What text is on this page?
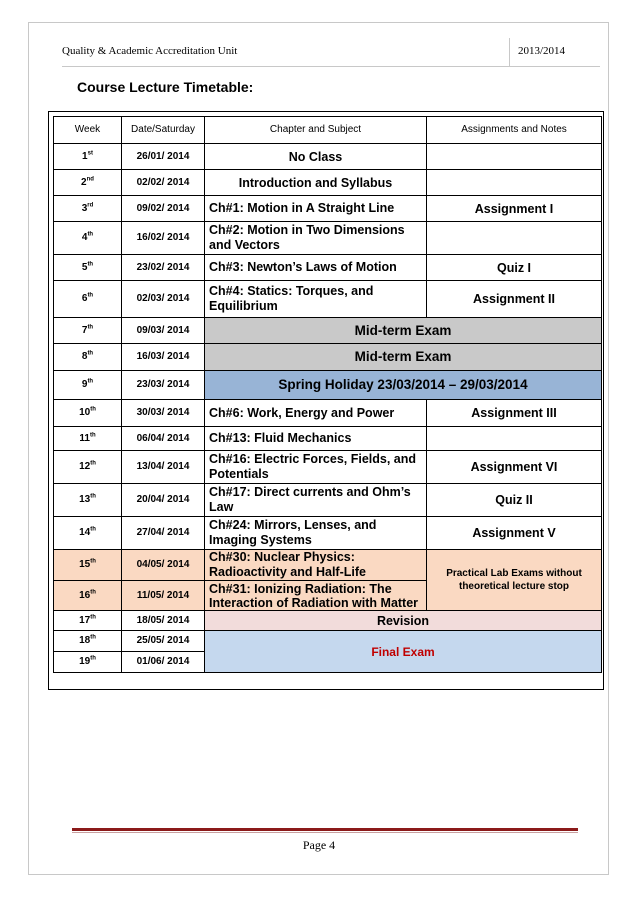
Quality & Academic Accreditation Unit	2013/2014
Course Lecture Timetable:
Week	Date/Saturday	Chapter and Subject	Assignments and Notes
1st	26/01/ 2014	No Class	
2nd	02/02/ 2014	Introduction and Syllabus	
3rd	09/02/ 2014	Ch#1: Motion in A Straight Line	Assignment I
4th	16/02/ 2014	Ch#2: Motion in Two Dimensions and Vectors	
5th	23/02/ 2014	Ch#3: Newton’s Laws of Motion	Quiz I
6th	02/03/ 2014	Ch#4: Statics: Torques, and Equilibrium	Assignment II
7th	09/03/ 2014	Mid-term Exam	
8th	16/03/ 2014	Mid-term Exam	
9th	23/03/ 2014	Spring Holiday 23/03/2014 – 29/03/2014	
10th	30/03/ 2014	Ch#6: Work, Energy and Power	Assignment III
11th	06/04/ 2014	Ch#13: Fluid Mechanics	
12th	13/04/ 2014	Ch#16: Electric Forces, Fields, and Potentials	Assignment VI
13th	20/04/ 2014	Ch#17: Direct currents and Ohm’s Law	Quiz II
14th	27/04/ 2014	Ch#24: Mirrors, Lenses, and Imaging Systems	Assignment V
15th	04/05/ 2014	Ch#30: Nuclear Physics: Radioactivity and Half-Life	Practical Lab Exams without theoretical lecture stop
16th	11/05/ 2014	Ch#31: Ionizing Radiation: The Interaction of Radiation with Matter	
17th	18/05/ 2014	Revision	
18th	25/05/ 2014	Final Exam	
19th	01/06/ 2014		
Page 4
